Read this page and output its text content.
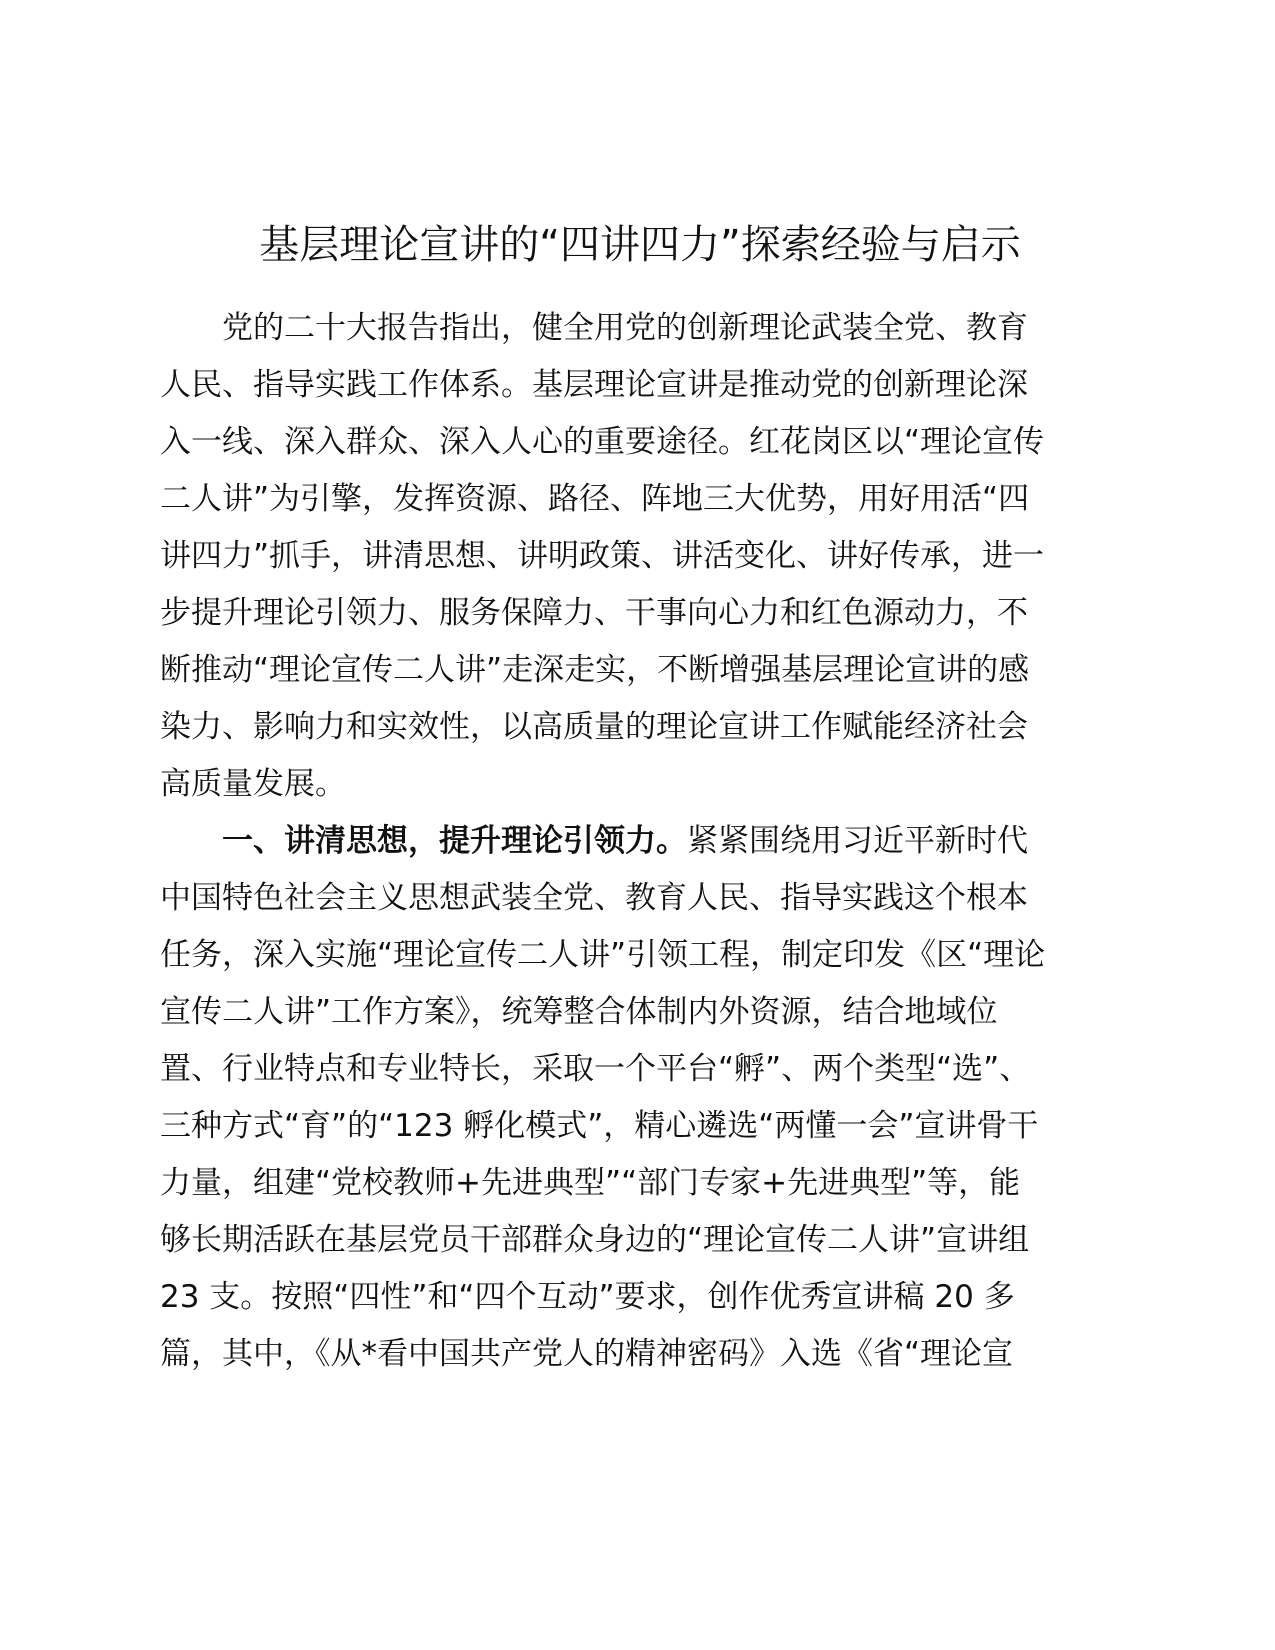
基层理论宣讲的“四讲四力”探索经验与启示
党的二十大报告指出，健全用党的创新理论武装全党、教育
人民、指导实践工作体系。基层理论宣讲是推动党的创新理论深
入一线、深入群众、深入人心的重要途径。红花岗区以“理论宣传
二人讲”为引擎，发挥资源、路径、阵地三大优势，用好用活“四
讲四力”抓手，讲清思想、讲明政策、讲活变化、讲好传承，进一
步提升理论引领力、服务保障力、干事向心力和红色源动力，不
断推动“理论宣传二人讲”走深走实，不断增强基层理论宣讲的感
染力、影响力和实效性，以高质量的理论宣讲工作赋能经济社会
高质量发展。
一、讲清思想，提升理论引领力。紧紧围绕用习近平新时代
中国特色社会主义思想武装全党、教育人民、指导实践这个根本
任务，深入实施“理论宣传二人讲”引领工程，制定印发《区“理论
宣传二人讲”工作方案》，统筹整合体制内外资源，结合地域位
置、行业特点和专业特长，采取一个平台“孵”、两个类型“选”、
三种方式“育”的“123 孵化模式”，精心遴选“两懂一会”宣讲骨干
力量，组建“党校教师+先进典型”“部门专家+先进典型”等，能
够长期活跃在基层党员干部群众身边的“理论宣传二人讲”宣讲组
23 支。按照“四性”和“四个互动”要求，创作优秀宣讲稿 20 多
篇，其中，《从*看中国共产党人的精神密码》入选《省“理论宣
